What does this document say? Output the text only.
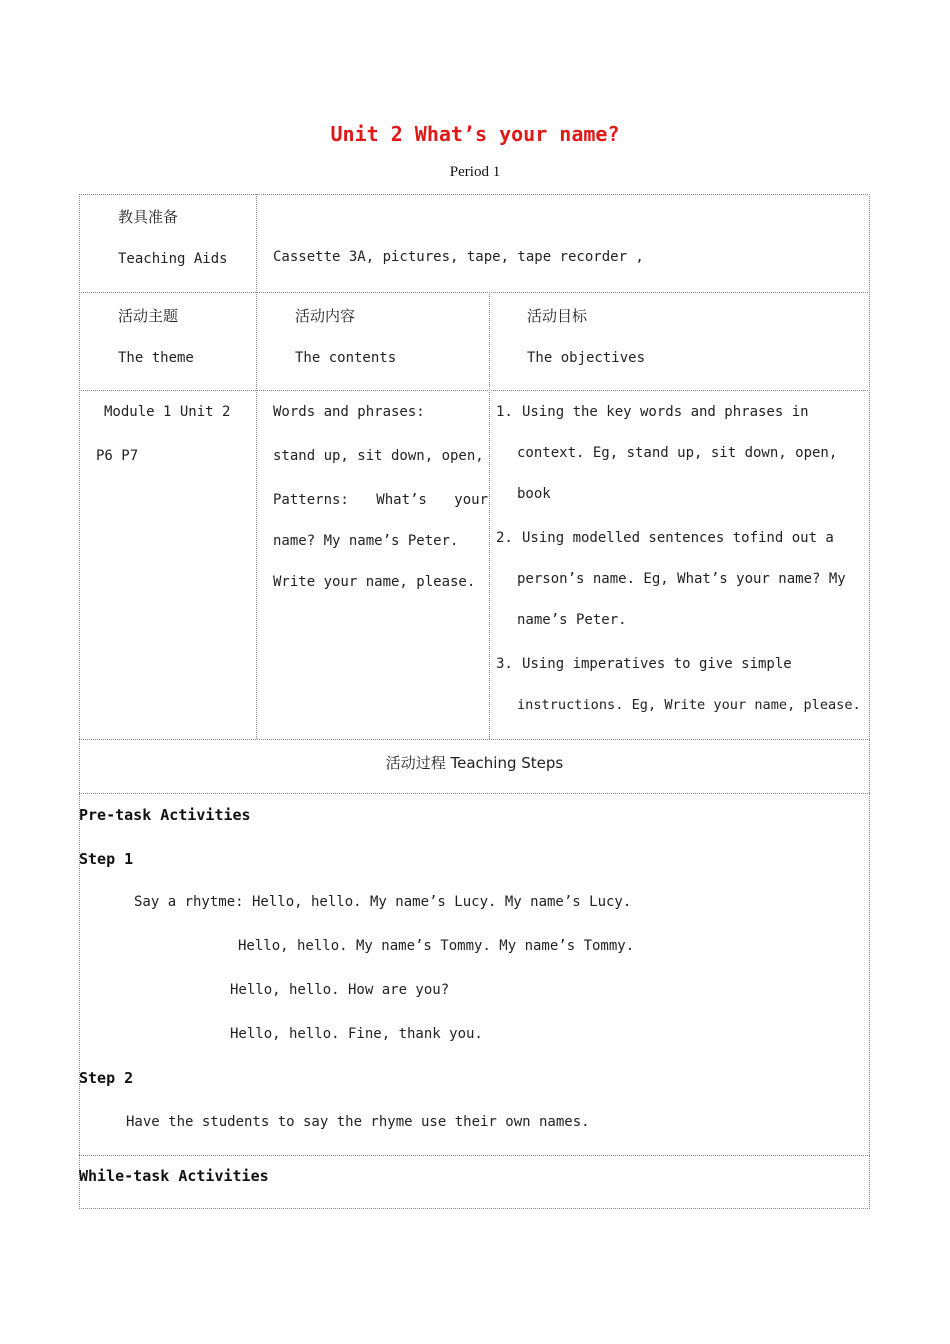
Unit 2 What’s your name?
Period 1
教具准备
Teaching Aids	Cassette 3A, pictures, tape, tape recorder ,
活动主题
The theme
活动内容
The contents
活动目标
The objectives
Module 1 Unit 2
P6 P7
Words and phrases:
stand up, sit down, open,
Patterns: What’s your
name? My name’s Peter.
Write your name, please.
1. Using the key words and phrases in
context. Eg, stand up, sit down, open,
book
2. Using modelled sentences tofind out a
person’s name. Eg, What’s your name? My
name’s Peter.
3. Using imperatives to give simple
instructions. Eg, Write your name, please.
活动过程 Teaching Steps
Pre-task Activities
Step 1
Say a rhytme: Hello, hello. My name’s Lucy. My name’s Lucy.
Hello, hello. My name’s Tommy. My name’s Tommy.
Hello, hello. How are you?
Hello, hello. Fine, thank you.
Step 2
Have the students to say the rhyme use their own names.
While-task Activities
